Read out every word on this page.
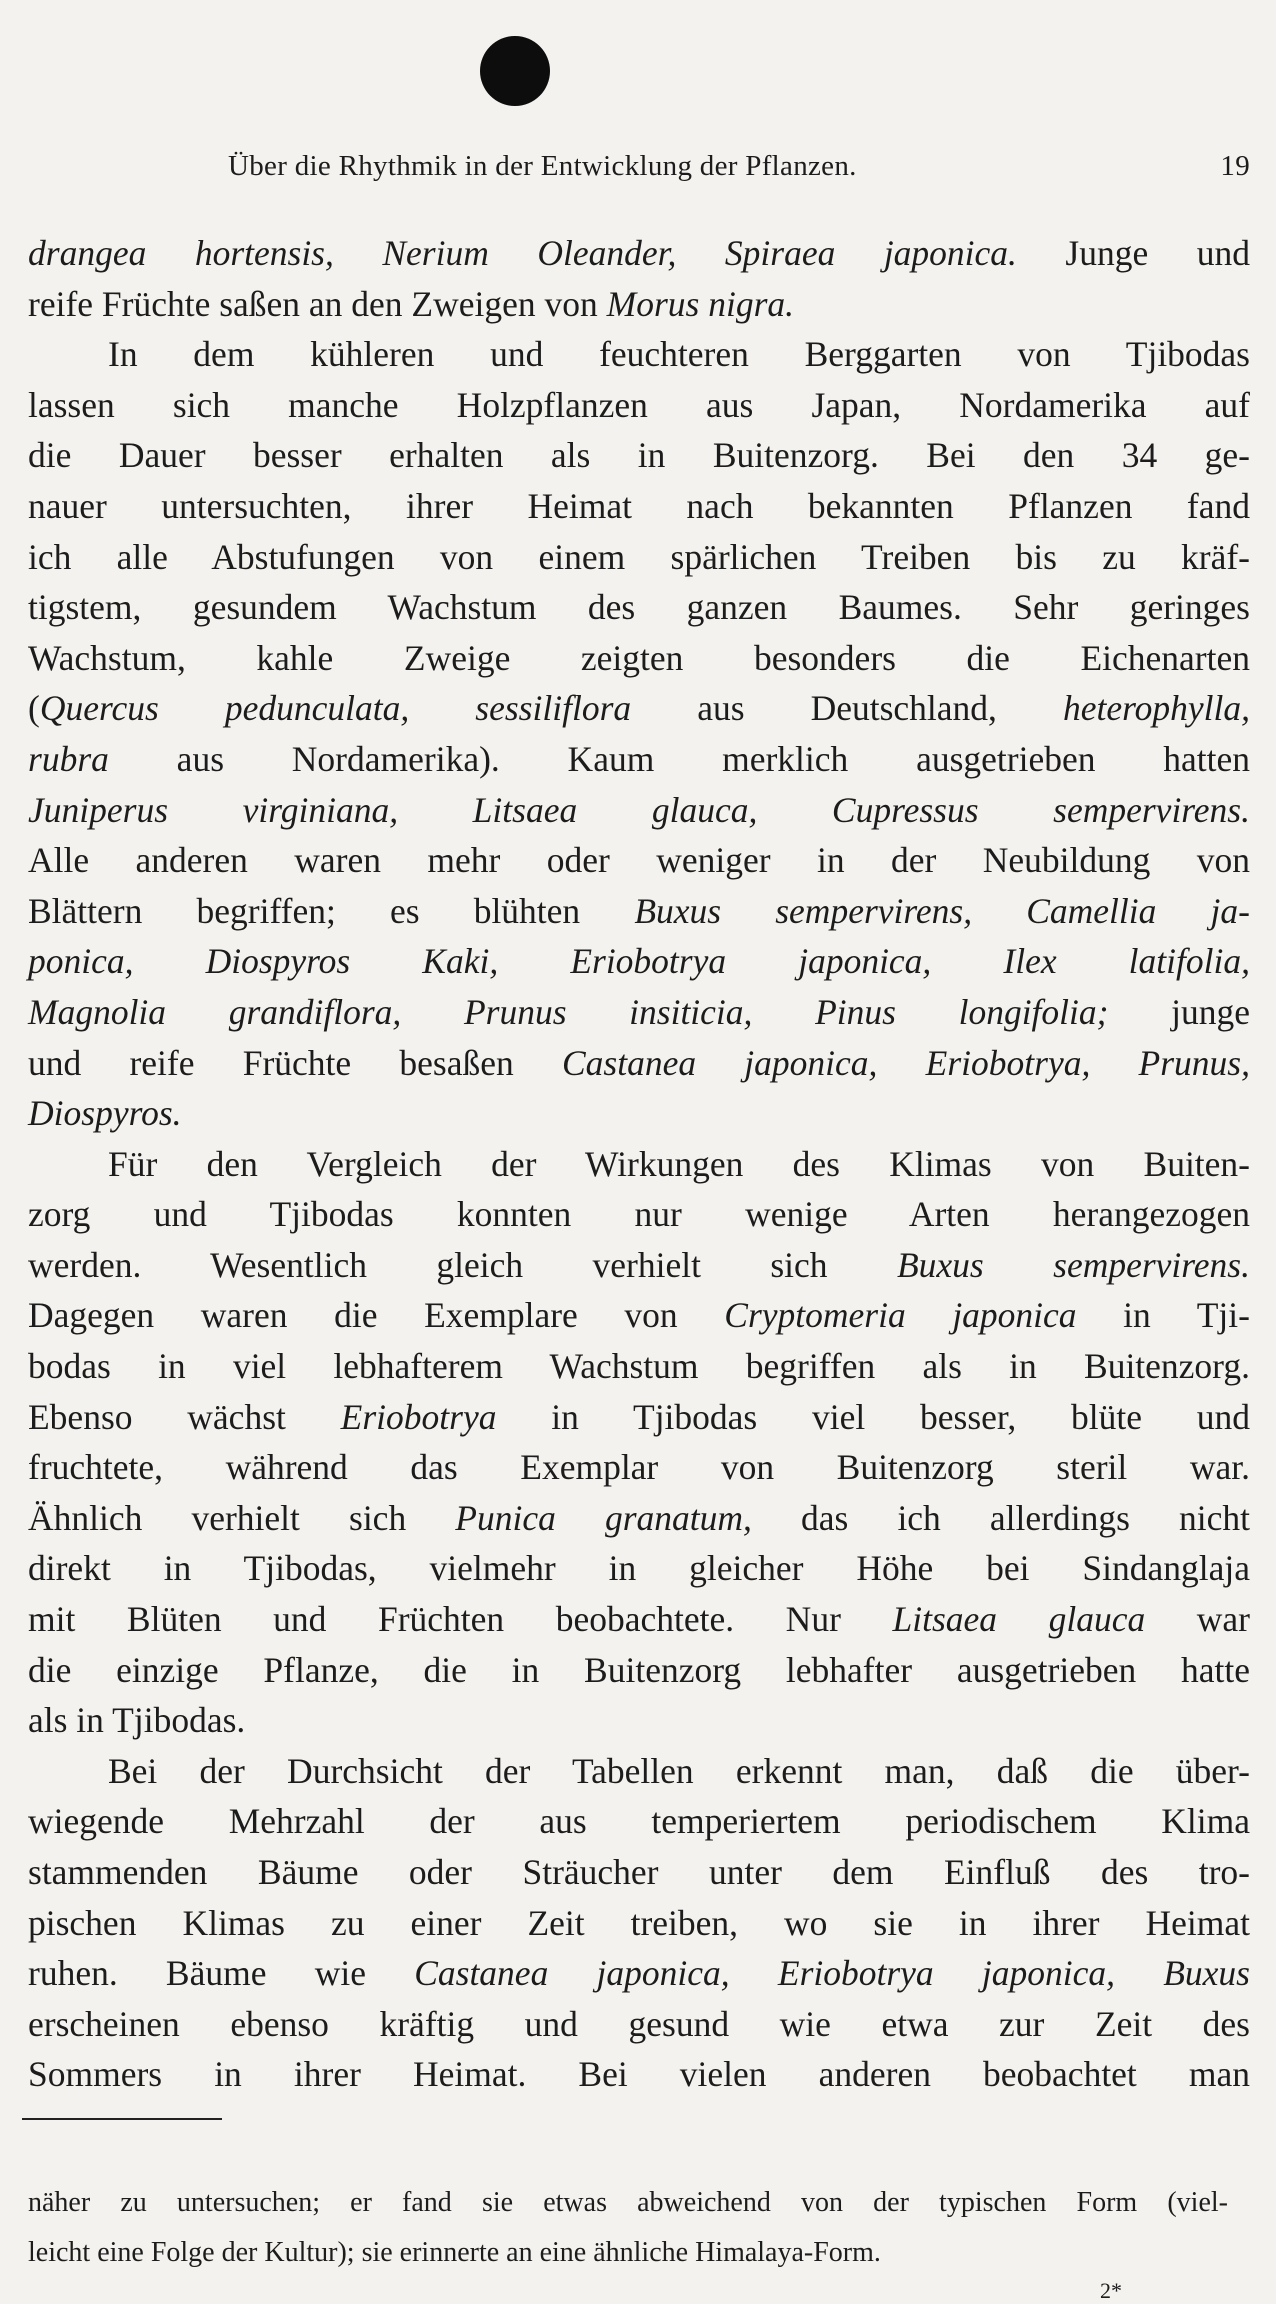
Über die Rhythmik in der Entwicklung der Pflanzen.	19
drangea hortensis, Nerium Oleander, Spiraea japonica. Junge und
reife Früchte saßen an den Zweigen von Morus nigra.
In dem kühleren und feuchteren Berggarten von Tjibodas
lassen sich manche Holzpflanzen aus Japan, Nordamerika auf
die Dauer besser erhalten als in Buitenzorg. Bei den 34 ge-
nauer untersuchten, ihrer Heimat nach bekannten Pflanzen fand
ich alle Abstufungen von einem spärlichen Treiben bis zu kräf-
tigstem, gesundem Wachstum des ganzen Baumes. Sehr geringes
Wachstum, kahle Zweige zeigten besonders die Eichenarten
(Quercus pedunculata, sessiliflora aus Deutschland, heterophylla,
rubra aus Nordamerika). Kaum merklich ausgetrieben hatten
Juniperus virginiana, Litsaea glauca, Cupressus sempervirens.
Alle anderen waren mehr oder weniger in der Neubildung von
Blättern begriffen; es blühten Buxus sempervirens, Camellia ja-
ponica, Diospyros Kaki, Eriobotrya japonica, Ilex latifolia,
Magnolia grandiflora, Prunus insiticia, Pinus longifolia; junge
und reife Früchte besaßen Castanea japonica, Eriobotrya, Prunus,
Diospyros.
Für den Vergleich der Wirkungen des Klimas von Buiten-
zorg und Tjibodas konnten nur wenige Arten herangezogen
werden. Wesentlich gleich verhielt sich Buxus sempervirens.
Dagegen waren die Exemplare von Cryptomeria japonica in Tji-
bodas in viel lebhafterem Wachstum begriffen als in Buitenzorg.
Ebenso wächst Eriobotrya in Tjibodas viel besser, blüte und
fruchtete, während das Exemplar von Buitenzorg steril war.
Ähnlich verhielt sich Punica granatum, das ich allerdings nicht
direkt in Tjibodas, vielmehr in gleicher Höhe bei Sindanglaja
mit Blüten und Früchten beobachtete. Nur Litsaea glauca war
die einzige Pflanze, die in Buitenzorg lebhafter ausgetrieben hatte
als in Tjibodas.
Bei der Durchsicht der Tabellen erkennt man, daß die über-
wiegende Mehrzahl der aus temperiertem periodischem Klima
stammenden Bäume oder Sträucher unter dem Einfluß des tro-
pischen Klimas zu einer Zeit treiben, wo sie in ihrer Heimat
ruhen. Bäume wie Castanea japonica, Eriobotrya japonica, Buxus
erscheinen ebenso kräftig und gesund wie etwa zur Zeit des
Sommers in ihrer Heimat. Bei vielen anderen beobachtet man
näher zu untersuchen; er fand sie etwas abweichend von der typischen Form (viel-
leicht eine Folge der Kultur); sie erinnerte an eine ähnliche Himalaya-Form.
2*
